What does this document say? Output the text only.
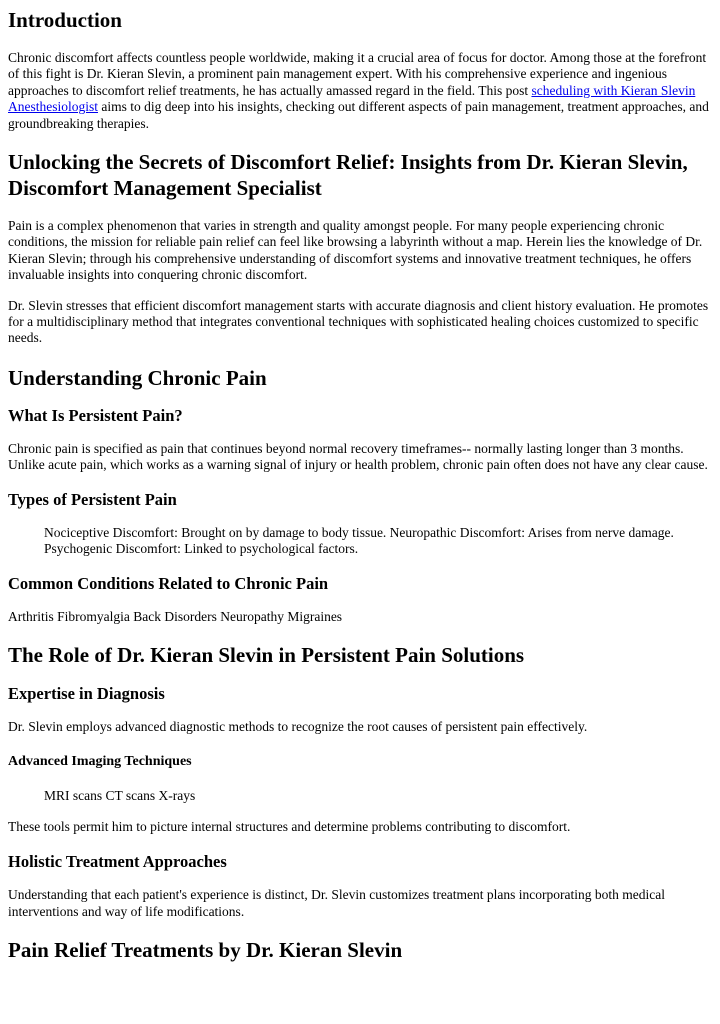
Introduction

Chronic discomfort affects countless people worldwide, making it a crucial area of focus for doctor. Among those at the forefront of this fight is Dr. Kieran Slevin, a prominent pain management expert. With his comprehensive experience and ingenious approaches to discomfort relief treatments, he has actually amassed regard in the field. This post scheduling with Kieran Slevin Anesthesiologist aims to dig deep into his insights, checking out different aspects of pain management, treatment approaches, and groundbreaking therapies.

Unlocking the Secrets of Discomfort Relief: Insights from Dr. Kieran Slevin, Discomfort Management Specialist

Pain is a complex phenomenon that varies in strength and quality amongst people. For many people experiencing chronic conditions, the mission for reliable pain relief can feel like browsing a labyrinth without a map. Herein lies the knowledge of Dr. Kieran Slevin; through his comprehensive understanding of discomfort systems and innovative treatment techniques, he offers invaluable insights into conquering chronic discomfort.

Dr. Slevin stresses that efficient discomfort management starts with accurate diagnosis and client history evaluation. He promotes for a multidisciplinary method that integrates conventional techniques with sophisticated healing choices customized to specific needs.

Understanding Chronic Pain
What Is Persistent Pain?

Chronic pain is specified as pain that continues beyond normal recovery timeframes-- normally lasting longer than 3 months. Unlike acute pain, which works as a warning signal of injury or health problem, chronic pain often does not have any clear cause.

Types of Persistent Pain

Nociceptive Discomfort: Brought on by damage to body tissue. Neuropathic Discomfort: Arises from nerve damage. Psychogenic Discomfort: Linked to psychological factors.

Common Conditions Related to Chronic Pain

Arthritis Fibromyalgia Back Disorders Neuropathy Migraines

The Role of Dr. Kieran Slevin in Persistent Pain Solutions
Expertise in Diagnosis

Dr. Slevin employs advanced diagnostic methods to recognize the root causes of persistent pain effectively.

Advanced Imaging Techniques

MRI scans CT scans X-rays

These tools permit him to picture internal structures and determine problems contributing to discomfort.

Holistic Treatment Approaches

Understanding that each patient's experience is distinct, Dr. Slevin customizes treatment plans incorporating both medical interventions and way of life modifications.

Pain Relief Treatments by Dr. Kieran Slevin
